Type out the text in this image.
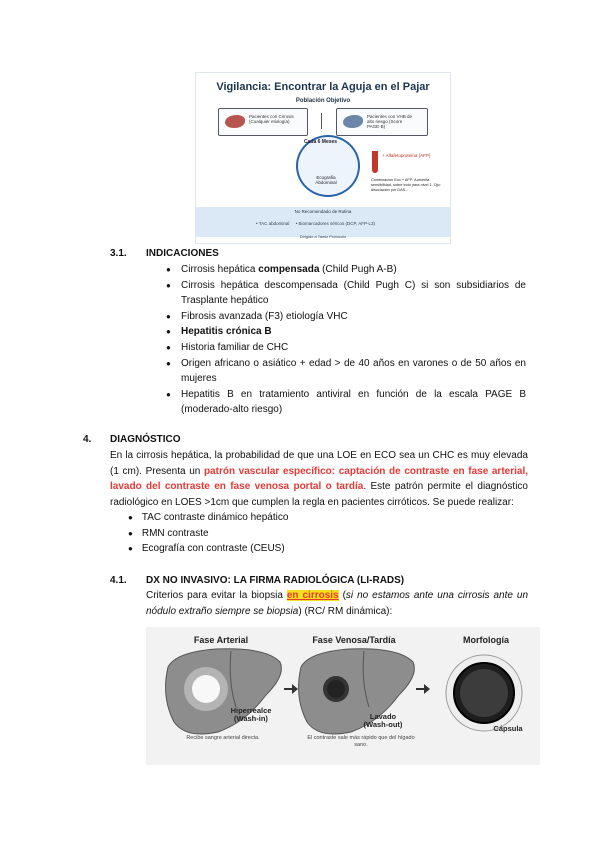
Vigilancia: Encontrar la Aguja en el Pajar
Población Objetivo
Pacientes con Cirrosis (Cualquier etiología)
Pacientes con VHB de alto riesgo (Score PAGE-B)
Cada 6 Meses
Ecografía Abdominal
+ Alfafetoproteína (AFP)
Combinación Eco + AFP: Aumenta sensibilidad, sobre todo para nivel 1. Ojo: disociación por DAS...
No Recomendado de Rutina
• TAC abdominal • Biomarcadores séricos (DCP, AFP-L3)
Dirigido a Tamiz Protocolo
3.1. INDICACIONES
● Cirrosis hepática compensada (Child Pugh A-B)
● Cirrosis hepática descompensada (Child Pugh C) si son subsidiarios de Trasplante hepático
● Fibrosis avanzada (F3) etiología VHC
● Hepatitis crónica B
● Historia familiar de CHC
● Origen africano o asiático + edad > de 40 años en varones o de 50 años en mujeres
● Hepatitis B en tratamiento antiviral en función de la escala PAGE B (moderado-alto riesgo)
4. DIAGNÓSTICO
En la cirrosis hepática, la probabilidad de que una LOE en ECO sea un CHC es muy elevada (1 cm). Presenta un patrón vascular específico: captación de contraste en fase arterial, lavado del contraste en fase venosa portal o tardía. Este patrón permite el diagnóstico radiológico en LOES >1cm que cumplen la regla en pacientes cirróticos. Se puede realizar:
● TAC contraste dinámico hepático
● RMN contraste
● Ecografía con contraste (CEUS)
4.1. DX NO INVASIVO: LA FIRMA RADIOLÓGICA (LI-RADS)
Criterios para evitar la biopsia en cirrosis (si no estamos ante una cirrosis ante un nódulo extraño siempre se biopsia) (RC/ RM dinámica):
Fase Arterial	Fase Venosa/Tardía	Morfología
Hiperrealce
(Wash-in)	Lavado
(Wash-out)	Cápsula
Recibe sangre arterial directa.	El contraste sale más rápido que del hígado sano.
